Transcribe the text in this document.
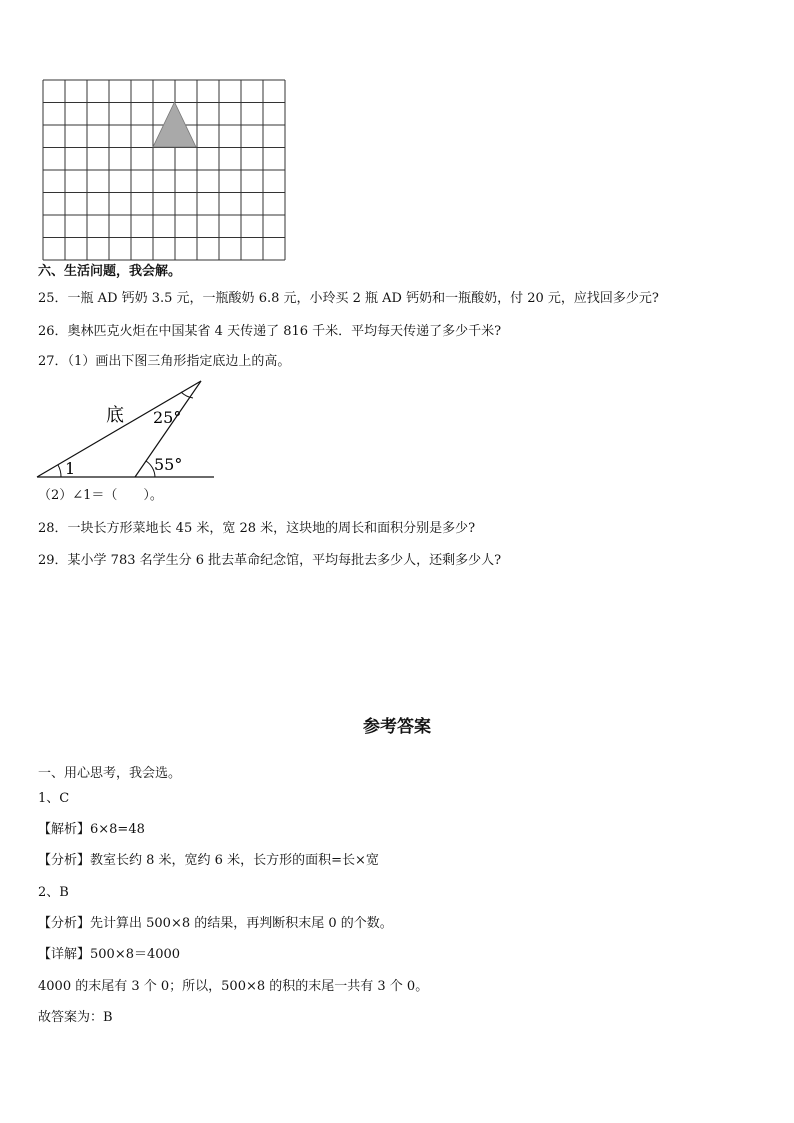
六、生活问题，我会解。
25．一瓶 AD 钙奶 3.5 元，一瓶酸奶 6.8 元，小玲买 2 瓶 AD 钙奶和一瓶酸奶，付 20 元，应找回多少元?
26．奥林匹克火炬在中国某省 4 天传递了 816 千米．平均每天传递了多少千米?
27．（1）画出下图三角形指定底边上的高。
底 25°
55°
1
（2）∠1＝（　　）。
28．一块长方形菜地长 45 米，宽 28 米，这块地的周长和面积分别是多少?
29．某小学 783 名学生分 6 批去革命纪念馆，平均每批去多少人，还剩多少人?
参考答案
一、用心思考，我会选。
1、C
【解析】6×8=48
【分析】教室长约 8 米，宽约 6 米，长方形的面积=长×宽
2、B
【分析】先计算出 500×8 的结果，再判断积末尾 0 的个数。
【详解】500×8＝4000
4000 的末尾有 3 个 0；所以，500×8 的积的末尾一共有 3 个 0。
故答案为：B
